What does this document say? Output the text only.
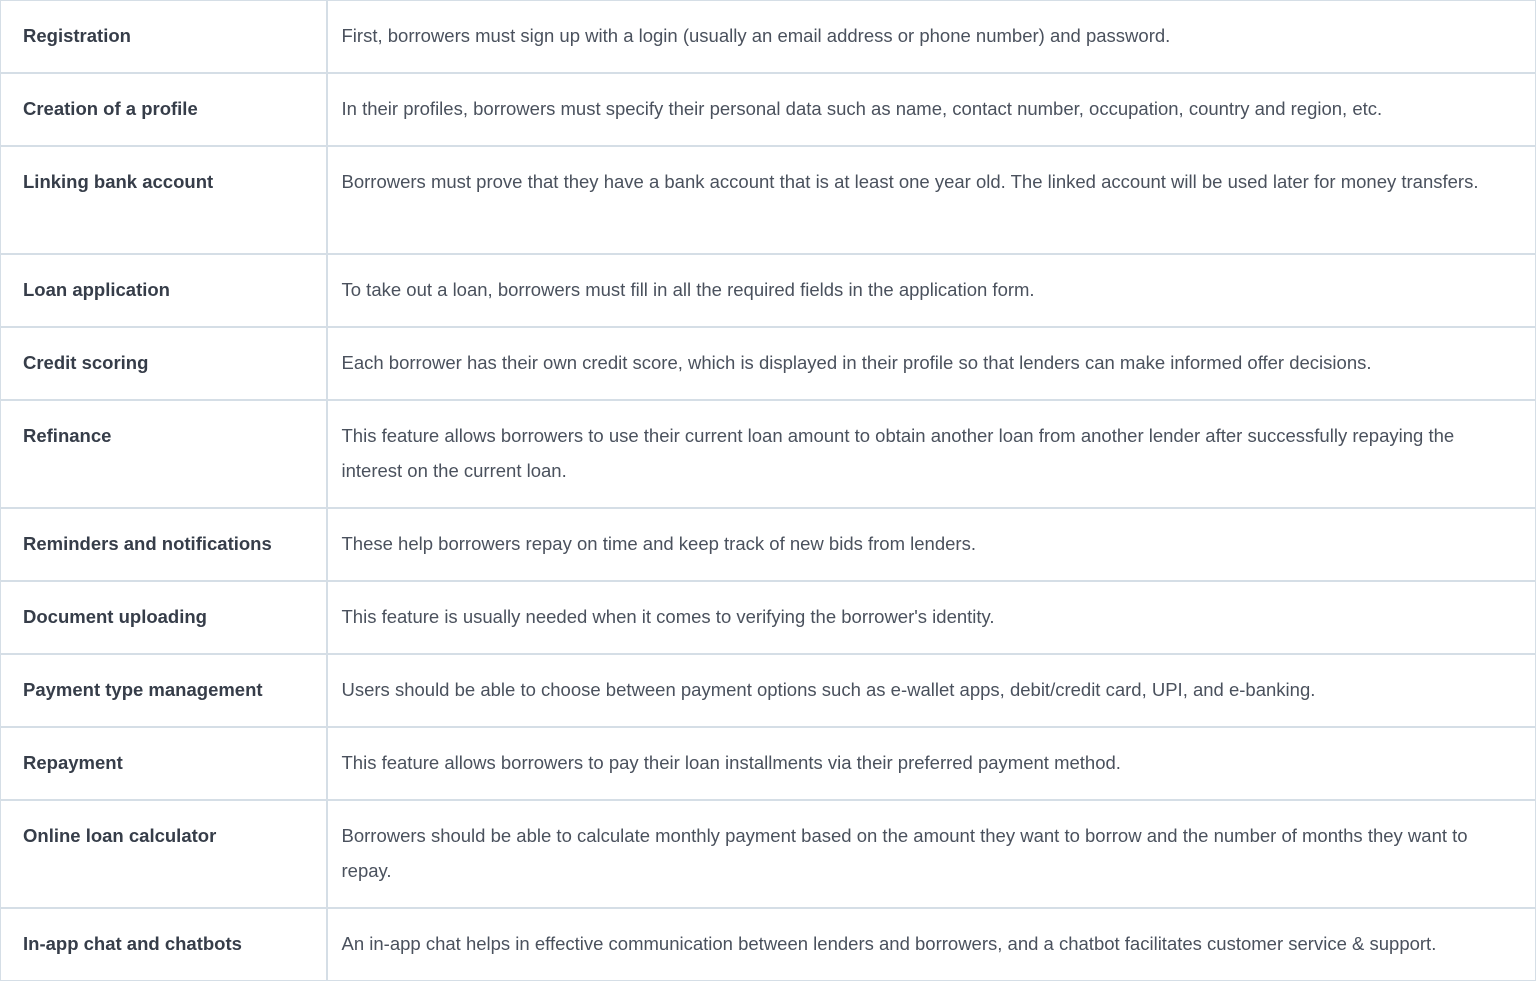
Registration	First, borrowers must sign up with a login (usually an email address or phone number) and password.
Creation of a profile	In their profiles, borrowers must specify their personal data such as name, contact number, occupation, country and region, etc.
Linking bank account	Borrowers must prove that they have a bank account that is at least one year old. The linked account will be used later for money transfers.
Loan application	To take out a loan, borrowers must fill in all the required fields in the application form.
Credit scoring	Each borrower has their own credit score, which is displayed in their profile so that lenders can make informed offer decisions.
Refinance	This feature allows borrowers to use their current loan amount to obtain another loan from another lender after successfully repaying the interest on the current loan.
Reminders and notifications	These help borrowers repay on time and keep track of new bids from lenders.
Document uploading	This feature is usually needed when it comes to verifying the borrower's identity.
Payment type management	Users should be able to choose between payment options such as e-wallet apps, debit/credit card, UPI, and e-banking.
Repayment	This feature allows borrowers to pay their loan installments via their preferred payment method.
Online loan calculator	Borrowers should be able to calculate monthly payment based on the amount they want to borrow and the number of months they want to repay.
In-app chat and chatbots	An in-app chat helps in effective communication between lenders and borrowers, and a chatbot facilitates customer service & support.
